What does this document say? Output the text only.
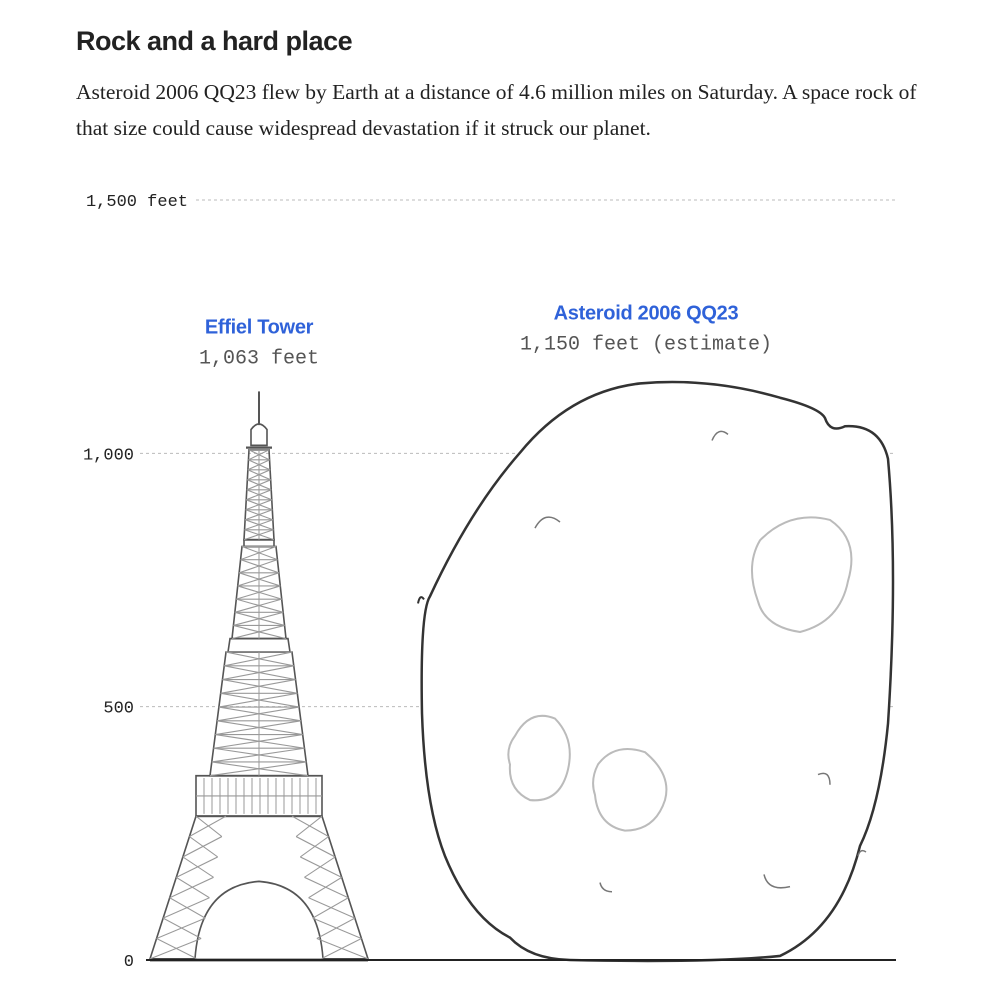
Rock and a hard place

Asteroid 2006 QQ23 flew by Earth at a distance of 4.6 million miles on Saturday. A space rock of that size could cause widespread devastation if it struck our planet.

0
500
1,000
1,500 feet
Effiel Tower
1,063 feet
Asteroid 2006 QQ23
1,150 feet (estimate)
